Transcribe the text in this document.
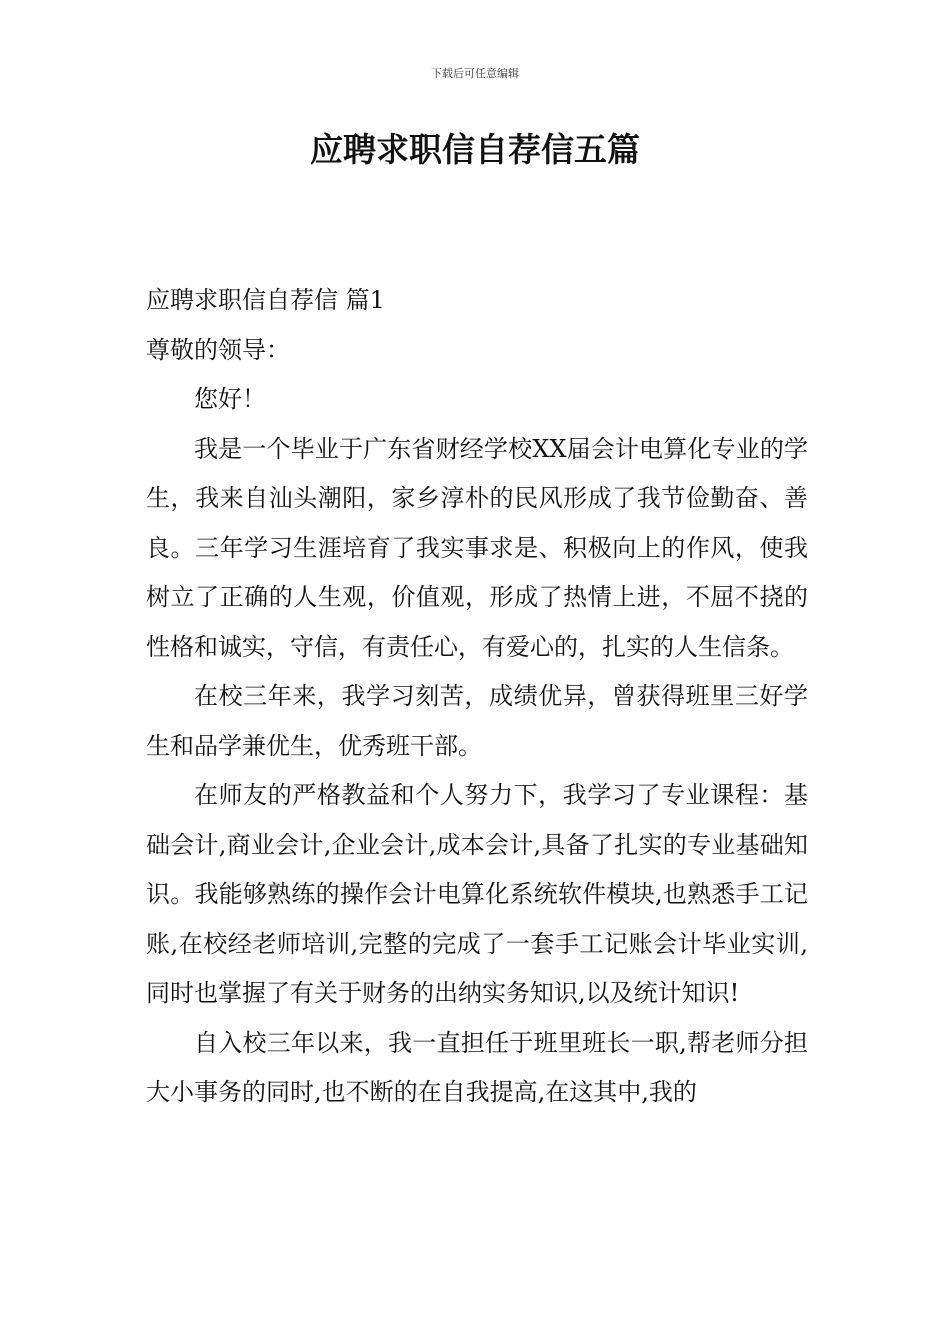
下载后可任意编辑
应聘求职信自荐信五篇

应聘求职信自荐信 篇1

尊敬的领导：

您好！

我是一个毕业于广东省财经学校XX届会计电算化专业的学生，我来自汕头潮阳，家乡淳朴的民风形成了我节俭勤奋、善良。三年学习生涯培育了我实事求是、积极向上的作风，使我树立了正确的人生观，价值观，形成了热情上进，不屈不挠的性格和诚实，守信，有责任心，有爱心的，扎实的人生信条。

在校三年来，我学习刻苦，成绩优异，曾获得班里三好学生和品学兼优生，优秀班干部。

在师友的严格教益和个人努力下，我学习了专业课程：基础会计,商业会计,企业会计,成本会计,具备了扎实的专业基础知识。我能够熟练的操作会计电算化系统软件模块,也熟悉手工记账,在校经老师培训,完整的完成了一套手工记账会计毕业实训,同时也掌握了有关于财务的出纳实务知识,以及统计知识!

自入校三年以来，我一直担任于班里班长一职,帮老师分担大小事务的同时,也不断的在自我提高,在这其中,我的
